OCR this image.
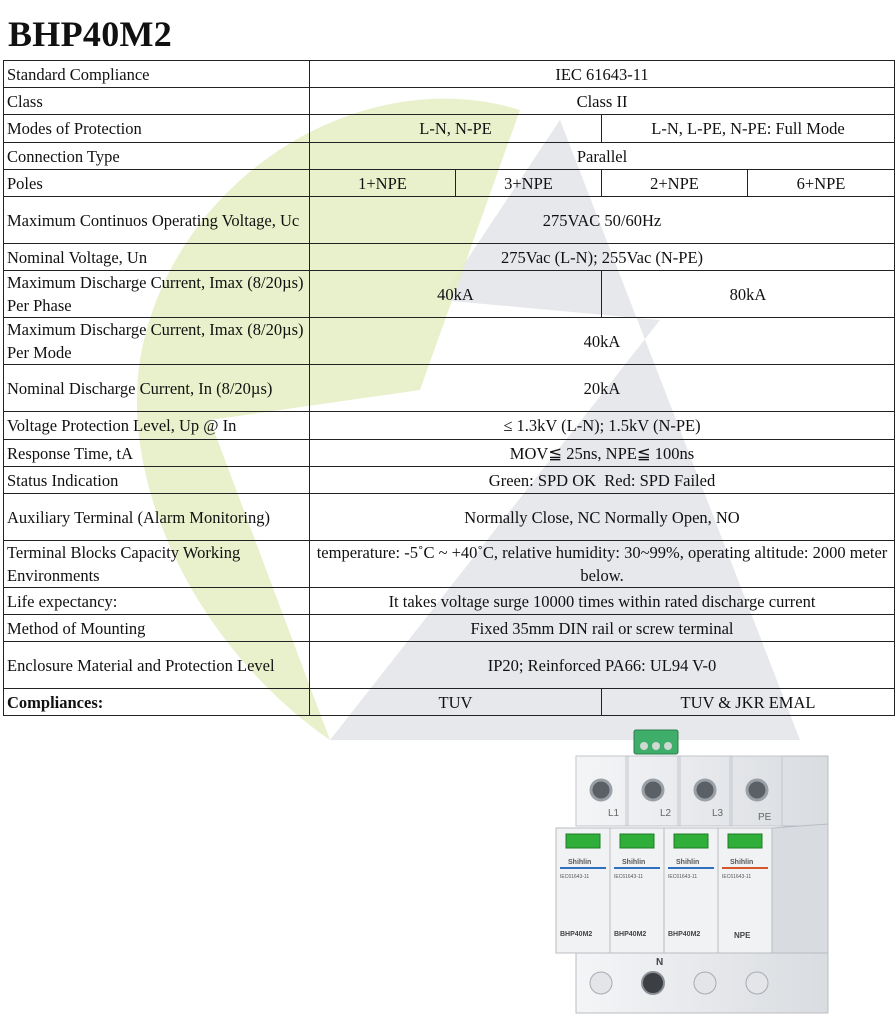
BHP40M2
Standard Compliance	IEC 61643-11			
Class	Class II			
Modes of Protection	L-N, N-PE		L-N, L-PE, N-PE: Full Mode	
Connection Type	Parallel			
Poles	1+NPE	3+NPE	2+NPE	6+NPE
Maximum Continuos Operating Voltage, Uc	275VAC 50/60Hz			
Nominal Voltage, Un	275Vac (L-N); 255Vac (N-PE)			
Maximum Discharge Current, Imax (8/20µs) Per Phase	40kA		80kA	
Maximum Discharge Current, Imax (8/20µs) Per Mode	40kA			
Nominal Discharge Current, In (8/20µs)	20kA			
Voltage Protection Level, Up @ In	≤ 1.3kV (L-N); 1.5kV (N-PE)			
Response Time, tA	MOV≦ 25ns, NPE≦ 100ns			
Status Indication	Green: SPD OK  Red: SPD Failed			
Auxiliary Terminal (Alarm Monitoring)	Normally Close, NC Normally Open, NO			
Terminal Blocks Capacity Working Environments	temperature: -5˚C ~ +40˚C, relative humidity: 30~99%, operating altitude: 2000 meter below.			
Life expectancy:	It takes voltage surge 10000 times within rated discharge current			
Method of Mounting	Fixed 35mm DIN rail or screw terminal			
Enclosure Material and Protection Level	IP20; Reinforced PA66: UL94 V-0			
Compliances:	TUV		TUV & JKR EMAL	
L1	L2	L3	PE
Shihlin
IEC61643-11
BHP40M2
Shihlin
IEC61643-11
BHP40M2
Shihlin
IEC61643-11
BHP40M2
Shihlin
IEC61643-11
NPE
N
